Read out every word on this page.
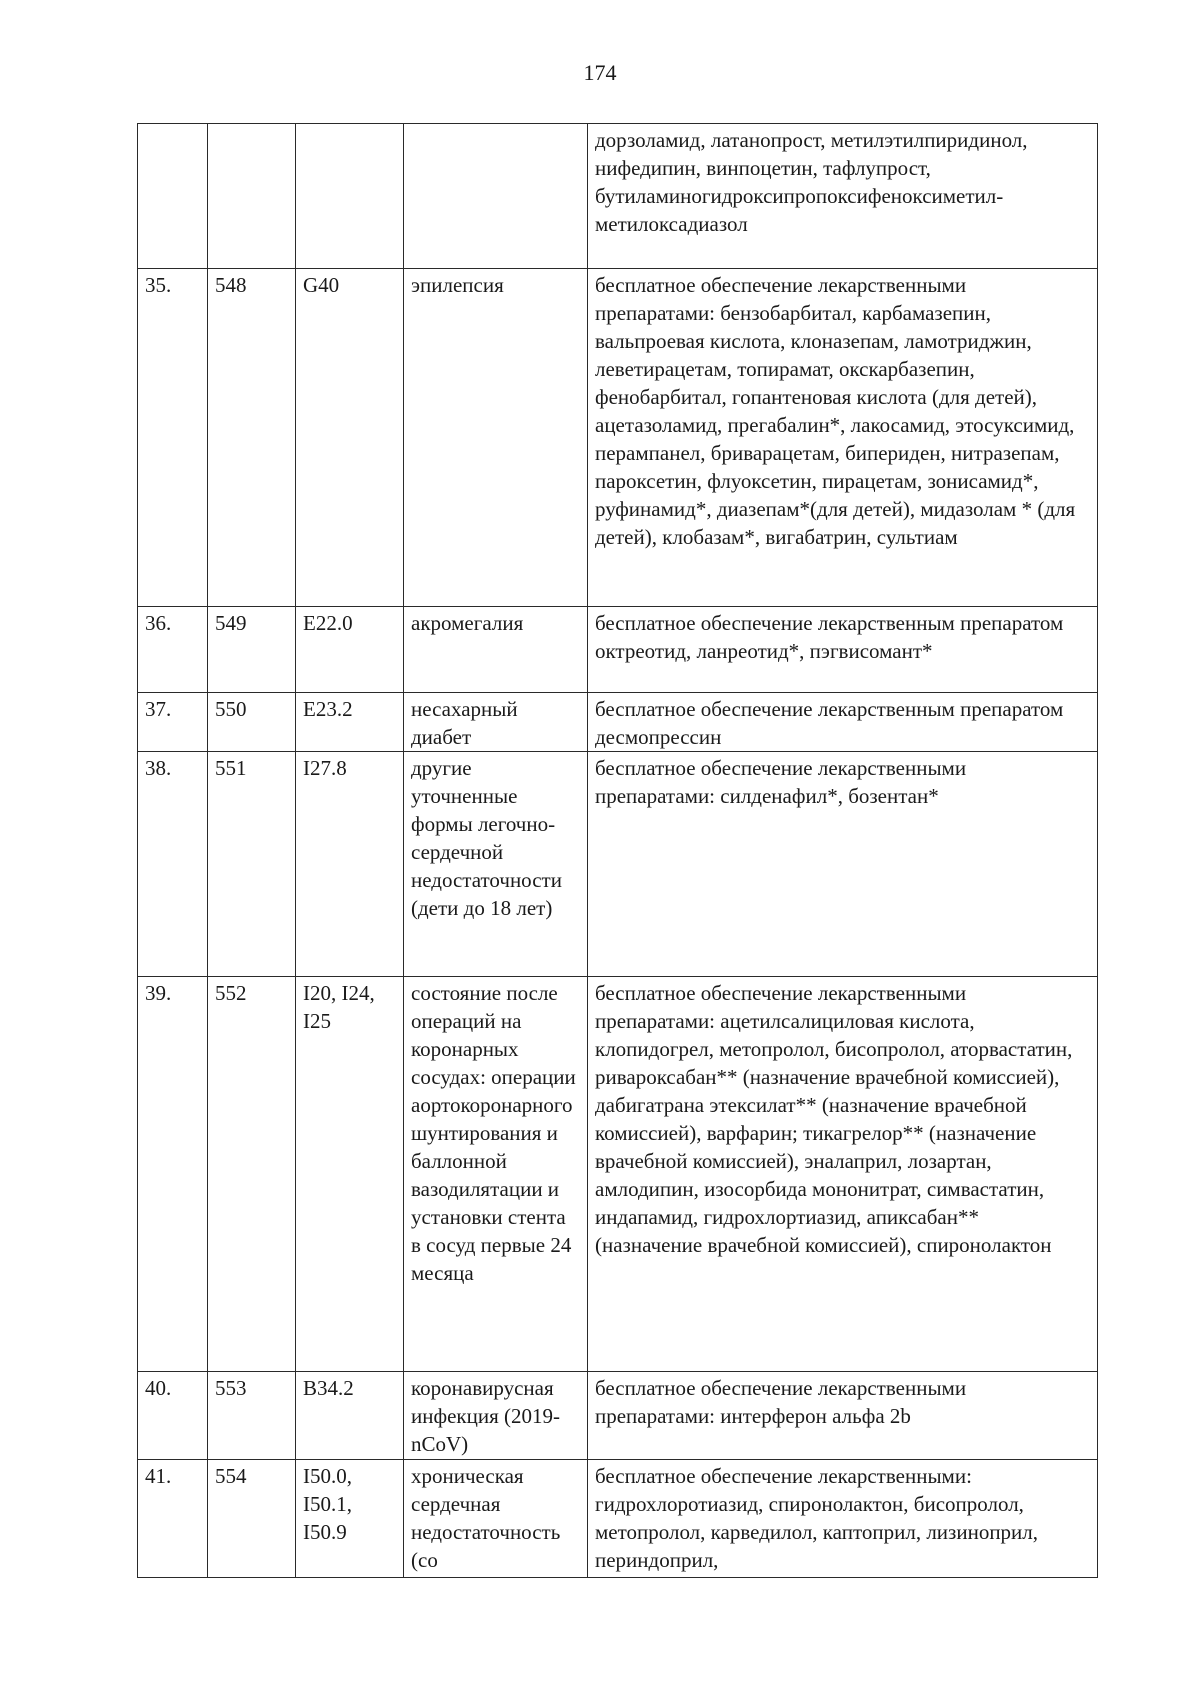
174
				дорзоламид, латанопрост, метилэтилпиридинол, нифедипин, винпоцетин, тафлупрост, бутиламиногидроксипропоксифеноксиметил-метилоксадиазол
35.	548	G40	эпилепсия	бесплатное обеспечение лекарственными препаратами: бензобарбитал, карбамазепин, вальпроевая кислота, клоназепам, ламотриджин, леветирацетам, топирамат, окскарбазепин, фенобарбитал, гопантеновая кислота (для детей), ацетазоламид, прегабалин*, лакосамид, этосуксимид, перампанел, бриварацетам, бипериден, нитразепам, пароксетин, флуоксетин, пирацетам, зонисамид*, руфинамид*, диазепам*(для детей), мидазолам * (для детей), клобазам*, вигабатрин, сультиам
36.	549	E22.0	акромегалия	бесплатное обеспечение лекарственным препаратом октреотид, ланреотид*, пэгвисомант*
37.	550	E23.2	несахарный диабет	бесплатное обеспечение лекарственным препаратом десмопрессин
38.	551	I27.8	другие уточненные формы легочно-сердечной недостаточности (дети до 18 лет)	бесплатное обеспечение лекарственными препаратами: силденафил*, бозентан*
39.	552	I20, I24, I25	состояние после операций на коронарных сосудах: операции аортокоронарного шунтирования и баллонной вазодилятации и установки стента в сосуд первые 24 месяца	бесплатное обеспечение лекарственными препаратами: ацетилсалициловая кислота, клопидогрел, метопролол, бисопролол, аторвастатин, ривароксабан** (назначение врачебной комиссией), дабигатрана этексилат** (назначение врачебной комиссией), варфарин; тикагрелор** (назначение врачебной комиссией), эналаприл, лозартан, амлодипин, изосорбида мононитрат, симвастатин, индапамид, гидрохлортиазид, апиксабан** (назначение врачебной комиссией), спиронолактон
40.	553	B34.2	коронавирусная инфекция (2019-nCoV)	бесплатное обеспечение лекарственными препаратами: интерферон альфа 2b
41.	554	I50.0, I50.1, I50.9	хроническая сердечная недостаточность (со	бесплатное обеспечение лекарственными: гидрохлоротиазид, спиронолактон, бисопролол, метопролол, карведилол, каптоприл, лизиноприл, периндоприл,
